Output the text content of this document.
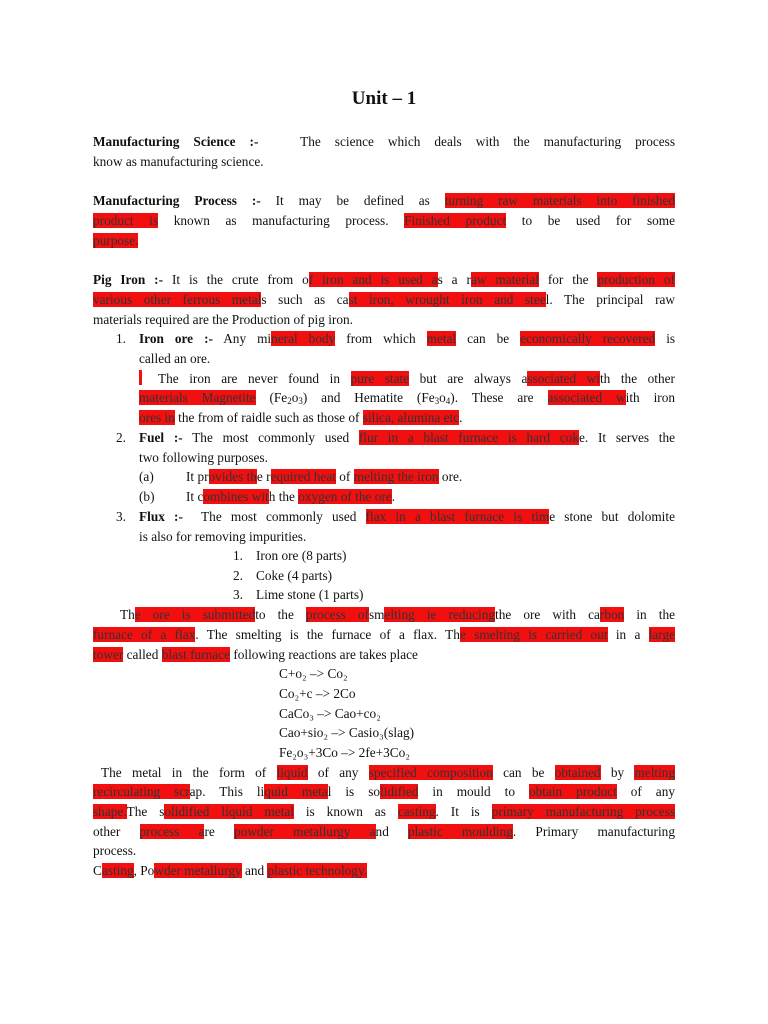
Unit – 1
Manufacturing Science :-	The science which deals with the manufacturing process
know as manufacturing science.
Manufacturing Process :- It may be defined as turning raw materials into finished
product is known as manufacturing process. Finished product to be used for some
purpose.
Pig Iron :- It is the crute from of iron and is used as a raw material for the production of
various other ferrous metals such as cast iron, wrought iron and steel. The principal raw
materials required are the Production of pig iron.
1. Iron ore :- Any mineral body from which metal can be economically recovered is
called an ore.
The iron are never found in pure state but are always associated with the other
materials Magnetite $(Fe_2o_3)$ and Hematite $(Fe_3o_4)$. These are associated with iron
ores in the from of raidle such as those of silica, alumina etc.
2. Fuel :- The most commonly used flur in a blast furnace is hard coke. It serves the
two following purposes.
(a) It provides the required heat of melting the iron ore.
(b) It combines with the oxygen of the ore.
3. Flux :- The most commonly used flax in a blast furnace is time stone but dolomite
is also for removing impurities.
1. Iron ore (8 parts)
2. Coke (4 parts)
3. Lime stone (1 parts)
The ore is submittedto the process ofsmelting ie reducingthe ore with carbon in the
furnace of a flax. The smelting is the furnace of a flax. The smelting is carried out in a large
tower called blast furnace following reactions are takes place
C+o₂ –> Co₂
Co₂+c –> 2Co
CaCo₃ –> Cao+co₂
Cao+sio₂ –> Casio₃(slag)
Fe₂o₃+3Co –> 2fe+3Co₂
The metal in the form of liquid of any specified composition can be obtained by melting
recirculating scrap. This liquid metal is solidified in mould to obtain product of any
shape.The solidified liquid metal is known as casting. It is primary manufacturing process
other process are powder metallurgy and plastic moulding. Primary manufacturing
process.
Casting, Powder metallurgy and plastic technology.
